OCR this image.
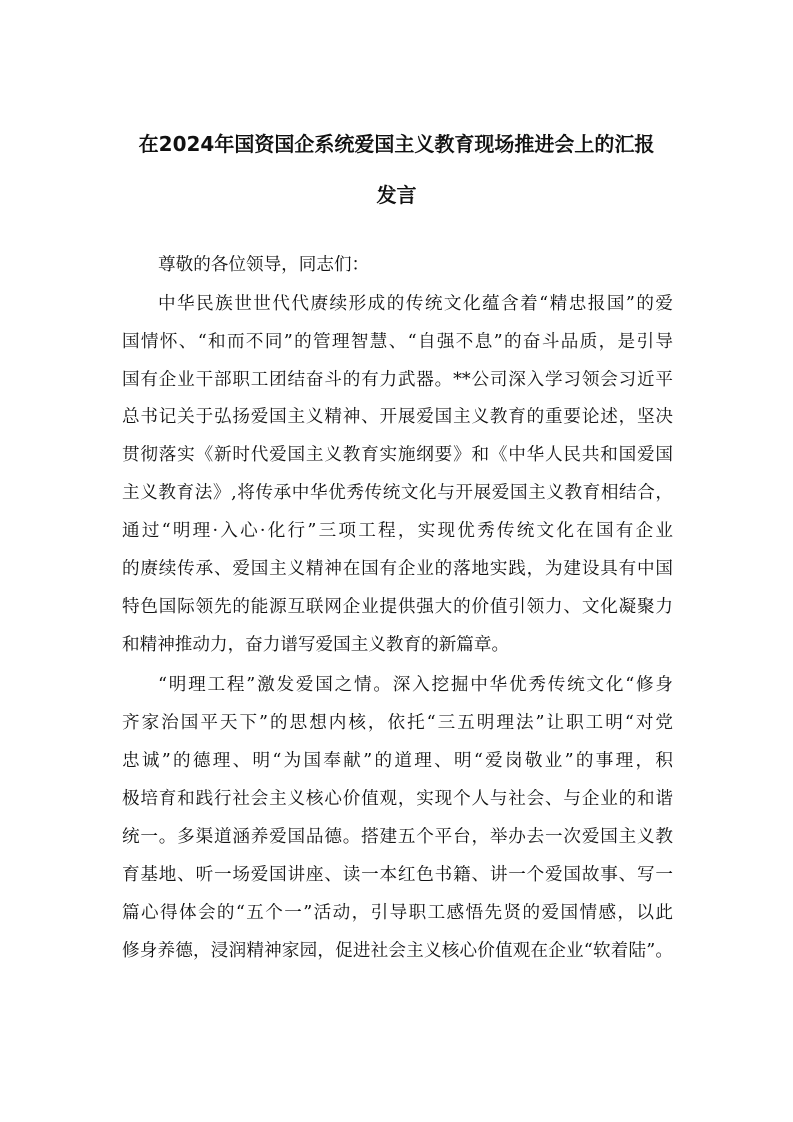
在2024年国资国企系统爱国主义教育现场推进会上的汇报
发言
尊敬的各位领导，同志们：
中华民族世世代代赓续形成的传统文化蕴含着“精忠报国”的爱
国情怀、“和而不同”的管理智慧、“自强不息”的奋斗品质，是引导
国有企业干部职工团结奋斗的有力武器。**公司深入学习领会习近平
总书记关于弘扬爱国主义精神、开展爱国主义教育的重要论述，坚决
贯彻落实《新时代爱国主义教育实施纲要》和《中华人民共和国爱国
主义教育法》,将传承中华优秀传统文化与开展爱国主义教育相结合，
通过“明理·入心·化行”三项工程，实现优秀传统文化在国有企业
的赓续传承、爱国主义精神在国有企业的落地实践，为建设具有中国
特色国际领先的能源互联网企业提供强大的价值引领力、文化凝聚力
和精神推动力，奋力谱写爱国主义教育的新篇章。
“明理工程”激发爱国之情。深入挖掘中华优秀传统文化“修身
齐家治国平天下”的思想内核，依托“三五明理法”让职工明“对党
忠诚”的德理、明“为国奉献”的道理、明“爱岗敬业”的事理，积
极培育和践行社会主义核心价值观，实现个人与社会、与企业的和谐
统一。多渠道涵养爱国品德。搭建五个平台，举办去一次爱国主义教
育基地、听一场爱国讲座、读一本红色书籍、讲一个爱国故事、写一
篇心得体会的“五个一”活动，引导职工感悟先贤的爱国情感，以此
修身养德，浸润精神家园，促进社会主义核心价值观在企业“软着陆”。
